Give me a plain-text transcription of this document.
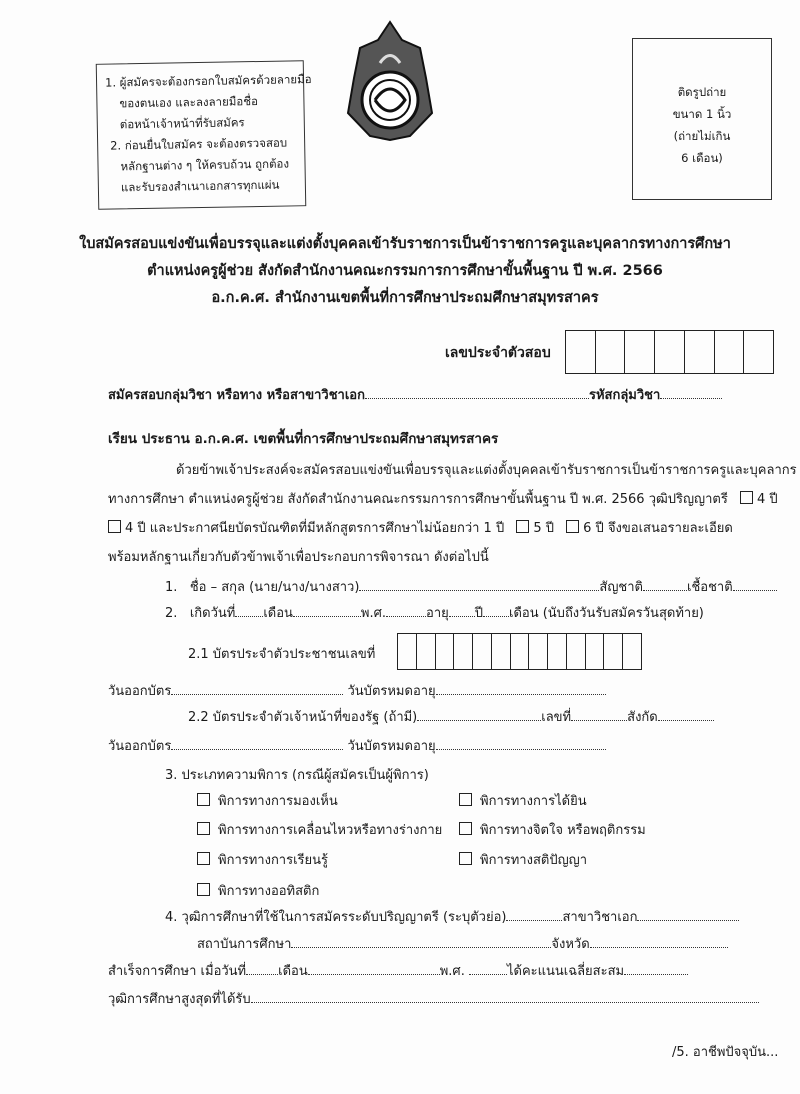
1. ผู้สมัครจะต้องกรอกใบสมัครด้วยลายมือ
ของตนเอง และลงลายมือชื่อ
ต่อหน้าเจ้าหน้าที่รับสมัคร
2. ก่อนยื่นใบสมัคร จะต้องตรวจสอบ
หลักฐานต่าง ๆ ให้ครบถ้วน ถูกต้อง
และรับรองสำเนาเอกสารทุกแผ่น
ติดรูปถ่าย
ขนาด 1 นิ้ว
(ถ่ายไม่เกิน
6 เดือน)
ใบสมัครสอบแข่งขันเพื่อบรรจุและแต่งตั้งบุคคลเข้ารับราชการเป็นข้าราชการครูและบุคลากรทางการศึกษา
ตำแหน่งครูผู้ช่วย สังกัดสำนักงานคณะกรรมการการศึกษาขั้นพื้นฐาน ปี พ.ศ. 2566
อ.ก.ค.ศ. สำนักงานเขตพื้นที่การศึกษาประถมศึกษาสมุทรสาคร
เลขประจำตัวสอบ
สมัครสอบกลุ่มวิชา หรือทาง หรือสาขาวิชาเอก	รหัสกลุ่มวิชา
เรียน ประธาน อ.ก.ค.ศ. เขตพื้นที่การศึกษาประถมศึกษาสมุทรสาคร
ด้วยข้าพเจ้าประสงค์จะสมัครสอบแข่งขันเพื่อบรรจุและแต่งตั้งบุคคลเข้ารับราชการเป็นข้าราชการครูและบุคลากร
ทางการศึกษา ตำแหน่งครูผู้ช่วย สังกัดสำนักงานคณะกรรมการการศึกษาขั้นพื้นฐาน ปี พ.ศ. 2566 วุฒิปริญญาตรี 4 ปี
4 ปี และประกาศนียบัตรบัณฑิตที่มีหลักสูตรการศึกษาไม่น้อยกว่า 1 ปี 5 ปี 6 ปี จึงขอเสนอรายละเอียด
พร้อมหลักฐานเกี่ยวกับตัวข้าพเจ้าเพื่อประกอบการพิจารณา ดังต่อไปนี้
1. ชื่อ – สกุล (นาย/นาง/นางสาว)	สัญชาติ	เชื้อชาติ
2. เกิดวันที่ เดือน	พ.ศ.	อายุ ปี เดือน (นับถึงวันรับสมัครวันสุดท้าย)
2.1 บัตรประจำตัวประชาชนเลขที่
วันออกบัตร	วันบัตรหมดอายุ
2.2 บัตรประจำตัวเจ้าหน้าที่ของรัฐ (ถ้ามี)	เลขที่	สังกัด
วันออกบัตร	วันบัตรหมดอายุ
3. ประเภทความพิการ (กรณีผู้สมัครเป็นผู้พิการ)
พิการทางการมองเห็น	พิการทางการได้ยิน
พิการทางการเคลื่อนไหวหรือทางร่างกาย	พิการทางจิตใจ หรือพฤติกรรม
พิการทางการเรียนรู้	พิการทางสติปัญญา
พิการทางออทิสติก
4. วุฒิการศึกษาที่ใช้ในการสมัครระดับปริญญาตรี (ระบุตัวย่อ)	สาขาวิชาเอก
สถาบันการศึกษา	จังหวัด
สำเร็จการศึกษา เมื่อวันที่ เดือน	พ.ศ.	ได้คะแนนเฉลี่ยสะสม
วุฒิการศึกษาสูงสุดที่ได้รับ
/5. อาชีพปัจจุบัน...
